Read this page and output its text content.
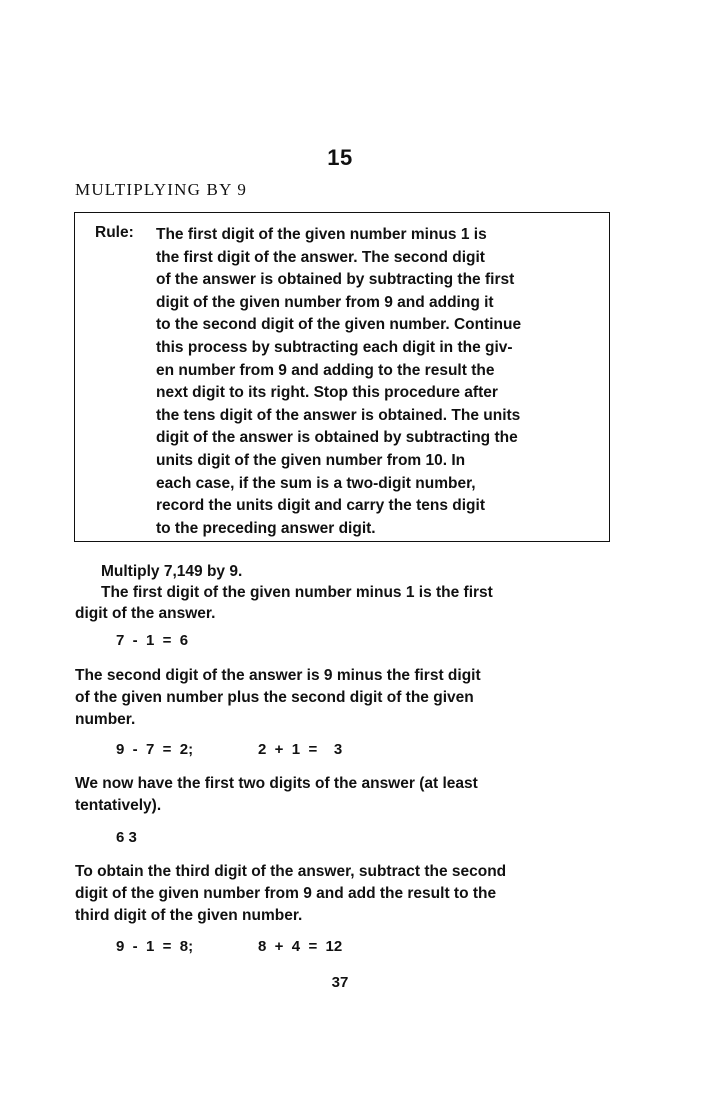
15
MULTIPLYING BY 9
Rule: The first digit of the given number minus 1 is
the first digit of the answer. The second digit
of the answer is obtained by subtracting the first
digit of the given number from 9 and adding it
to the second digit of the given number. Continue
this process by subtracting each digit in the giv-
en number from 9 and adding to the result the
next digit to its right. Stop this procedure after
the tens digit of the answer is obtained. The units
digit of the answer is obtained by subtracting the
units digit of the given number from 10. In
each case, if the sum is a two-digit number,
record the units digit and carry the tens digit
to the preceding answer digit.
Multiply 7,149 by 9.
The first digit of the given number minus 1 is the first
digit of the answer.
7  -  1  =  6
The second digit of the answer is 9 minus the first digit
of the given number plus the second digit of the given
number.
9  -  7  =  2;	2  +  1  =    3
We now have the first two digits of the answer (at least
tentatively).
6 3
To obtain the third digit of the answer, subtract the second
digit of the given number from 9 and add the result to the
third digit of the given number.
9  -  1  =  8;	8  +  4  =  12
37
